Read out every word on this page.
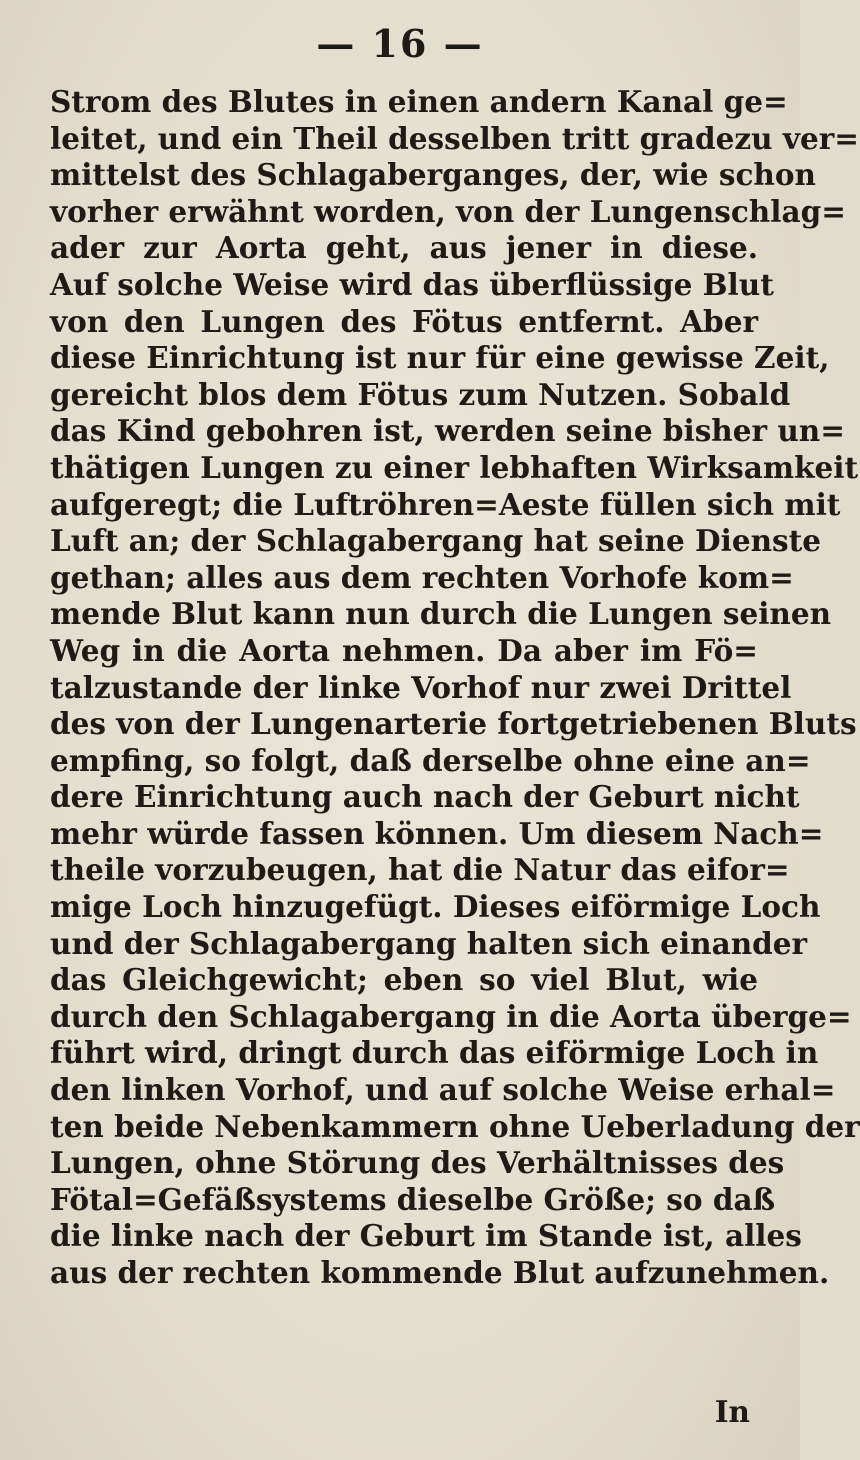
— 16 —
Strom des Blutes in einen andern Kanal ge=
leitet, und ein Theil desselben tritt gradezu ver=
mittelst des Schlagaberganges, der, wie schon
vorher erwähnt worden, von der Lungenschlag=
ader zur Aorta geht, aus jener in diese.
Auf solche Weise wird das überflüssige Blut
von den Lungen des Fötus entfernt. Aber
diese Einrichtung ist nur für eine gewisse Zeit,
gereicht blos dem Fötus zum Nutzen. Sobald
das Kind gebohren ist, werden seine bisher un=
thätigen Lungen zu einer lebhaften Wirksamkeit
aufgeregt; die Luftröhren=Aeste füllen sich mit
Luft an; der Schlagabergang hat seine Dienste
gethan; alles aus dem rechten Vorhofe kom=
mende Blut kann nun durch die Lungen seinen
Weg in die Aorta nehmen. Da aber im Fö=
talzustande der linke Vorhof nur zwei Drittel
des von der Lungenarterie fortgetriebenen Bluts
empfing, so folgt, daß derselbe ohne eine an=
dere Einrichtung auch nach der Geburt nicht
mehr würde fassen können. Um diesem Nach=
theile vorzubeugen, hat die Natur das eifor=
mige Loch hinzugefügt. Dieses eiförmige Loch
und der Schlagabergang halten sich einander
das Gleichgewicht; eben so viel Blut, wie
durch den Schlagabergang in die Aorta überge=
führt wird, dringt durch das eiförmige Loch in
den linken Vorhof, und auf solche Weise erhal=
ten beide Nebenkammern ohne Ueberladung der
Lungen, ohne Störung des Verhältnisses des
Fötal=Gefäßsystems dieselbe Größe; so daß
die linke nach der Geburt im Stande ist, alles
aus der rechten kommende Blut aufzunehmen.
In
